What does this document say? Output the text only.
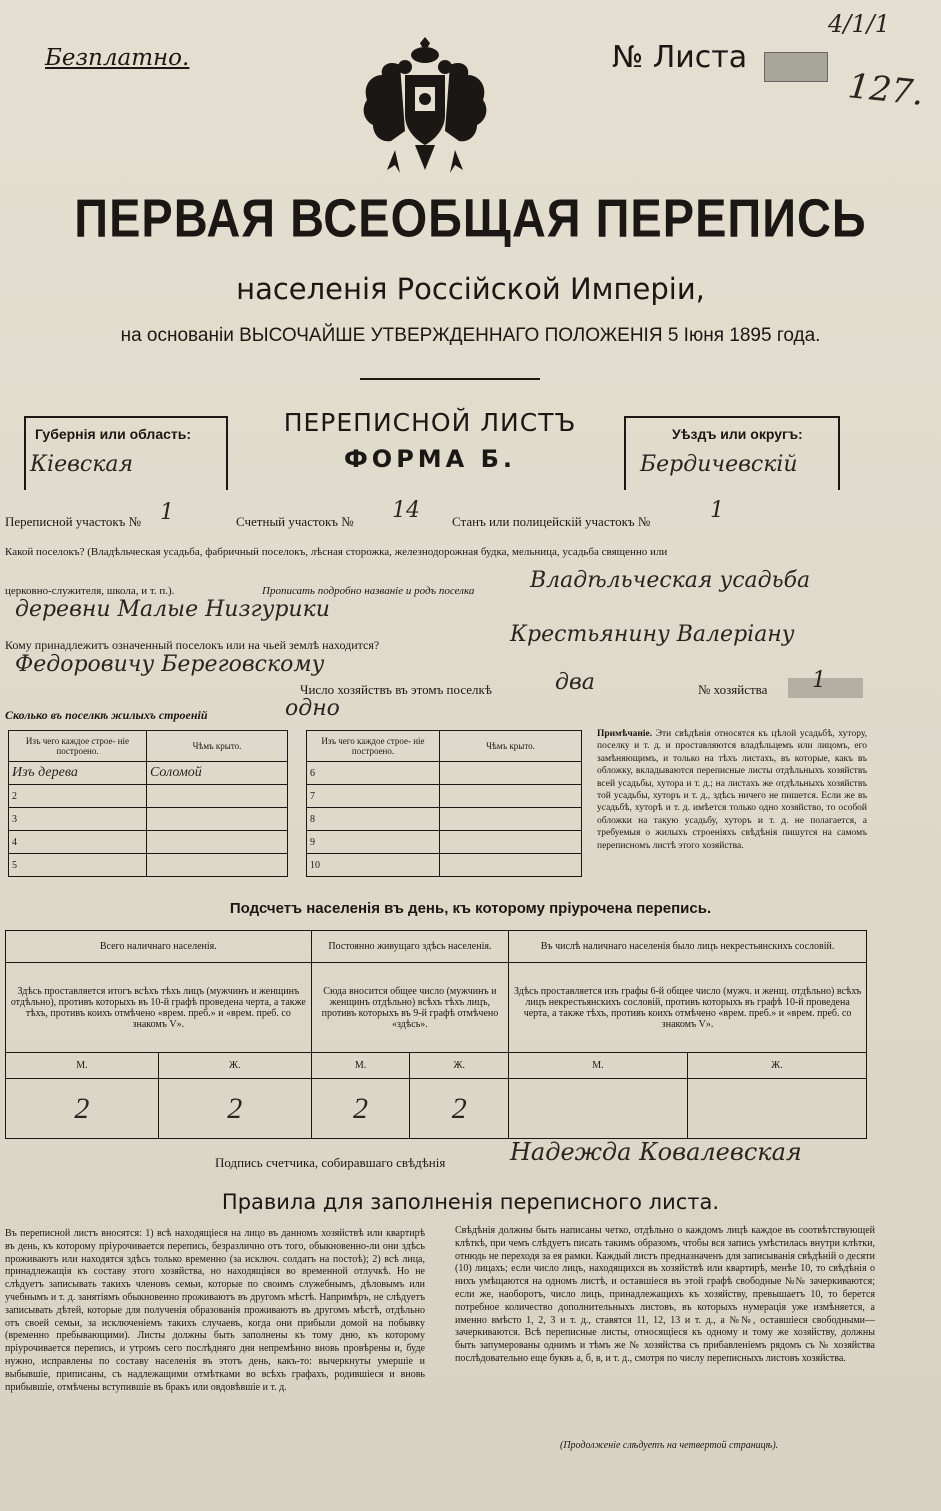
Безплатно.	№ Листа
4/1/1
127.
ПЕРВАЯ ВСЕОБЩАЯ ПЕРЕПИСЬ
населенія Россійской Имперіи,
на основаніи ВЫСОЧАЙШЕ УТВЕРЖДЕННАГО ПОЛОЖЕНІЯ 5 Іюня 1895 года.
Губернія или область:
Кіевская
Уѣздъ или округъ:
Бердичевскій
ПЕРЕПИСНОЙ ЛИСТЪ
ФОРМА Б.
Переписной участокъ № 1	Счетный участокъ № 14 Станъ или полицейскій участокъ №	1
Какой поселокъ? (Владѣльческая усадьба, фабричный поселокъ, лѣсная сторожка, железнодорожная будка, мельница, усадьба священно или
церковно-служителя, школа, и т. п.).	Прописать подробно названіе и родъ поселка	Владѣльческая усадьба
деревни Малые Низгурики
Кому принадлежитъ означенный поселокъ или на чьей землѣ находится?	Крестьянину Валеріану
Федоровичу Береговскому
Число хозяйствъ въ этомъ поселкѣ	два	№ хозяйства 1
Сколько въ поселкѣ жилыхъ строеній	одно
Изъ чего каждое строе- ніе построено.	Чѣмъ крыто.
Изъ дерева	Соломой
2	
3	
4	
5	
Изъ чего каждое строе- ніе построено.	Чѣмъ крыто.
6	
7	
8	
9	
10	
Примѣчаніе. Эти свѣдѣнія относятся къ цѣлой усадьбѣ, хутору, поселку и т. д. и проставляются владѣльцемъ или лицомъ, его замѣняющимъ, и только на тѣхъ листахъ, въ которые, какъ въ обложку, вкладываются переписные листы отдѣльныхъ хозяйствъ всей усадьбы, хутора и т. д.; на листахъ же отдѣльныхъ хозяйствъ той усадьбы, хуторъ и т. д., здѣсь ничего не пишется. Если же въ усадьбѣ, хуторѣ и т. д. имѣется только одно хозяйство, то особой обложки на такую усадьбу, хуторъ и т. д. не полагается, а требуемыя о жилыхъ строеніяхъ свѣдѣнія пишутся на самомъ переписномъ листѣ этого хозяйства.
Подсчетъ населенія въ день, къ которому пріурочена перепись.
Всего наличнаго населенія.		Постоянно живущаго здѣсь населенія.		Въ числѣ наличнаго населенія было лицъ некрестьянскихъ сословій.	
Здѣсь проставляется итогъ всѣхъ тѣхъ лицъ (мужчинъ и женщинъ отдѣльно), противъ которыхъ въ 10-й графѣ проведена черта, а также тѣхъ, противъ коихъ отмѣчено «врем. преб.» и «врем. преб. со знакомъ V».		Сюда вносится общее число (мужчинъ и женщинъ отдѣльно) всѣхъ тѣхъ лицъ, противъ которыхъ въ 9-й графѣ отмѣчено «здѣсь».		Здѣсь проставляется изъ графы 6-й общее число (мужч. и женщ. отдѣльно) всѣхъ лицъ некрестьянскихъ сословій, противъ которыхъ въ графѣ 10-й проведена черта, а также тѣхъ, противъ коихъ отмѣчено «врем. преб.» и «врем. преб. со знакомъ V».	
М.	Ж.	М.	Ж.	М.	Ж.
2	2	2	2		
Подпись счетчика, собиравшаго свѣдѣнія	Надежда Ковалевская
Правила для заполненія переписного листа.
Въ переписной листъ вносятся: 1) всѣ находящіеся на лицо въ данномъ хозяйствѣ или квартирѣ въ день, къ которому пріурочивается перепись, безразлично отъ того, обыкновенно-ли они здѣсь проживаютъ или находятся здѣсь только временно (за исключ. солдатъ на постоѣ); 2) всѣ лица, принадлежащія къ составу этого хозяйства, но находящіяся во временной отлучкѣ. Но не слѣдуетъ записывать такихъ членовъ семьи, которые по своимъ служебнымъ, дѣловымъ или учебнымъ и т. д. занятіямъ обыкновенно проживаютъ въ другомъ мѣстѣ. Напримѣръ, не слѣдуетъ записывать дѣтей, которые для полученія образованія проживаютъ въ другомъ мѣстѣ, отдѣльно отъ своей семьи, за исключеніемъ такихъ случаевъ, когда они прибыли домой на побывку (временно пребывающими). Листы должны быть заполнены къ тому дню, къ которому пріурочивается перепись, и утромъ сего послѣдняго дня непремѣнно вновь провѣрены и, буде нужно, исправлены по составу населенія въ этотъ день, какъ-то: вычеркнуты умершіе и выбывшіе, приписаны, съ надлежащими отмѣтками во всѣхъ графахъ, родившіеся и вновь прибывшіе, отмѣчены вступившіе въ бракъ или овдовѣвшіе и т. д.
Свѣдѣнія должны быть написаны четко, отдѣльно о каждомъ лицѣ каждое въ соотвѣтствующей клѣткѣ, при чемъ слѣдуетъ писать такимъ образомъ, чтобы вся запись умѣстилась внутри клѣтки, отнюдь не переходя за ея рамки. Каждый листъ предназначенъ для записыванія свѣдѣній о десяти (10) лицахъ; если число лицъ, находящихся въ хозяйствѣ или квартирѣ, менѣе 10, то свѣдѣнія о нихъ умѣщаются на одномъ листѣ, и оставшіеся въ этой графѣ свободные №№ зачеркиваются; если же, наоборотъ, число лицъ, принадлежащихъ къ хозяйству, превышаетъ 10, то берется потребное количество дополнительныхъ листовъ, въ которыхъ нумерація уже измѣняется, а именно вмѣсто 1, 2, 3 и т. д., ставятся 11, 12, 13 и т. д., а №№, оставшіеся свободными—зачеркиваются. Всѣ переписные листы, относящіеся къ одному и тому же хозяйству, должны быть запумерованы однимъ и тѣмъ же № хозяйства съ прибавленіемъ рядомъ съ № хозяйства послѣдовательно еще буквъ а, б, в, и т. д., смотря по числу переписныхъ листовъ хозяйства.
(Продолженіе слѣдуетъ на четвертой страницѣ).
